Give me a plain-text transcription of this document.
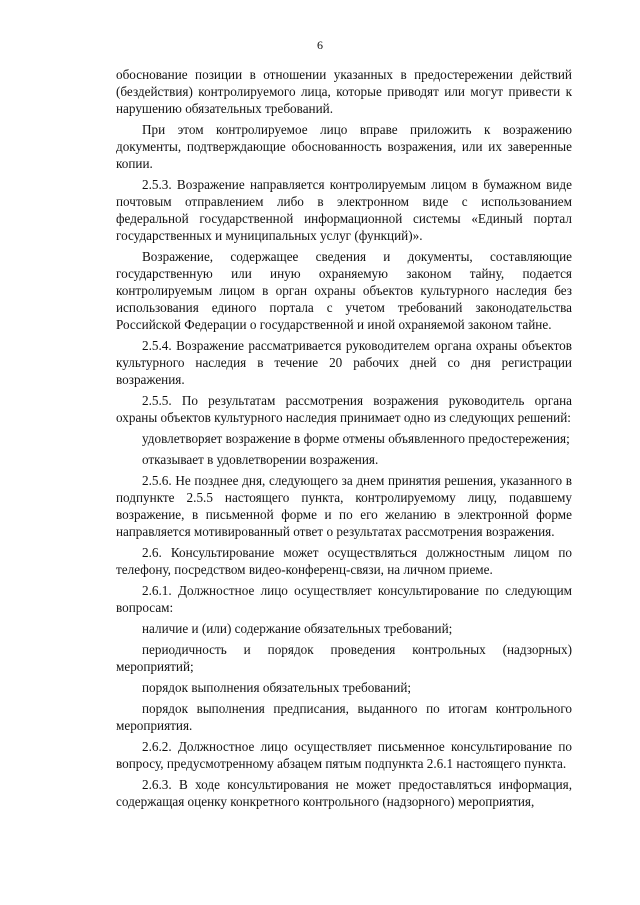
6

обоснование позиции в отношении указанных в предостережении действий (бездействия) контролируемого лица, которые приводят или могут привести к нарушению обязательных требований.

При этом контролируемое лицо вправе приложить к возражению документы, подтверждающие обоснованность возражения, или их заверенные копии.

2.5.3. Возражение направляется контролируемым лицом в бумажном виде почтовым отправлением либо в электронном виде с использованием федеральной государственной информационной системы «Единый портал государственных и муниципальных услуг (функций)».

Возражение, содержащее сведения и документы, составляющие государственную или иную охраняемую законом тайну, подается контролируемым лицом в орган охраны объектов культурного наследия без использования единого портала с учетом требований законодательства Российской Федерации о государственной и иной охраняемой законом тайне.

2.5.4. Возражение рассматривается руководителем органа охраны объектов культурного наследия в течение 20 рабочих дней со дня регистрации возражения.

2.5.5. По результатам рассмотрения возражения руководитель органа охраны объектов культурного наследия принимает одно из следующих решений:

удовлетворяет возражение в форме отмены объявленного предостережения;

отказывает в удовлетворении возражения.

2.5.6. Не позднее дня, следующего за днем принятия решения, указанного в подпункте 2.5.5 настоящего пункта, контролируемому лицу, подавшему возражение, в письменной форме и по его желанию в электронной форме направляется мотивированный ответ о результатах рассмотрения возражения.

2.6. Консультирование может осуществляться должностным лицом по телефону, посредством видео-конференц-связи, на личном приеме.

2.6.1. Должностное лицо осуществляет консультирование по следующим вопросам:

наличие и (или) содержание обязательных требований;

периодичность и порядок проведения контрольных (надзорных) мероприятий;

порядок выполнения обязательных требований;

порядок выполнения предписания, выданного по итогам контрольного мероприятия.

2.6.2. Должностное лицо осуществляет письменное консультирование по вопросу, предусмотренному абзацем пятым подпункта 2.6.1 настоящего пункта.

2.6.3. В ходе консультирования не может предоставляться информация, содержащая оценку конкретного контрольного (надзорного) мероприятия,
